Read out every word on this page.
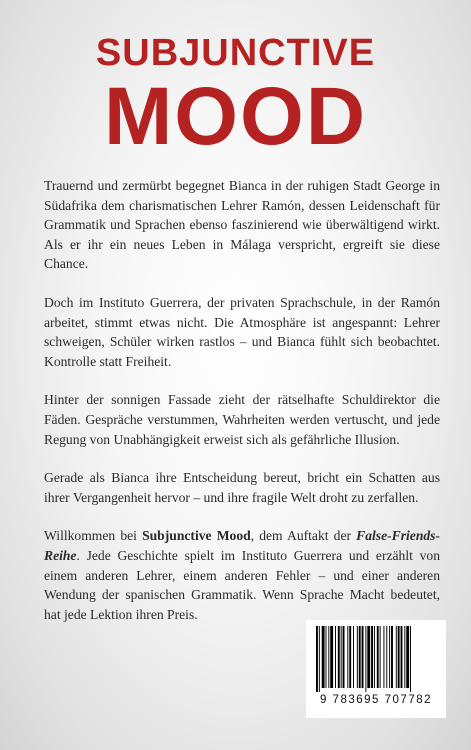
SUBJUNCTIVE
MOOD

Trauernd und zermürbt begegnet Bianca in der ruhigen Stadt George in Südafrika dem charismatischen Lehrer Ramón, dessen Leidenschaft für Grammatik und Sprachen ebenso faszinierend wie überwältigend wirkt. Als er ihr ein neues Leben in Málaga verspricht, ergreift sie diese Chance.

Doch im Instituto Guerrera, der privaten Sprachschule, in der Ramón arbeitet, stimmt etwas nicht. Die Atmosphäre ist angespannt: Lehrer schweigen, Schüler wirken rastlos – und Bianca fühlt sich beobachtet. Kontrolle statt Freiheit.

Hinter der sonnigen Fassade zieht der rätselhafte Schuldirektor die Fäden. Gespräche verstummen, Wahrheiten werden vertuscht, und jede Regung von Unabhängigkeit erweist sich als gefährliche Illusion.

Gerade als Bianca ihre Entscheidung bereut, bricht ein Schatten aus ihrer Vergangenheit hervor – und ihre fragile Welt droht zu zerfallen.

Willkommen bei Subjunctive Mood, dem Auftakt der False-Friends-Reihe. Jede Geschichte spielt im Instituto Guerrera und erzählt von einem anderen Lehrer, einem anderen Fehler – und einer anderen Wendung der spanischen Grammatik. Wenn Sprache Macht bedeutet, hat jede Lektion ihren Preis.

9 783695 707782
